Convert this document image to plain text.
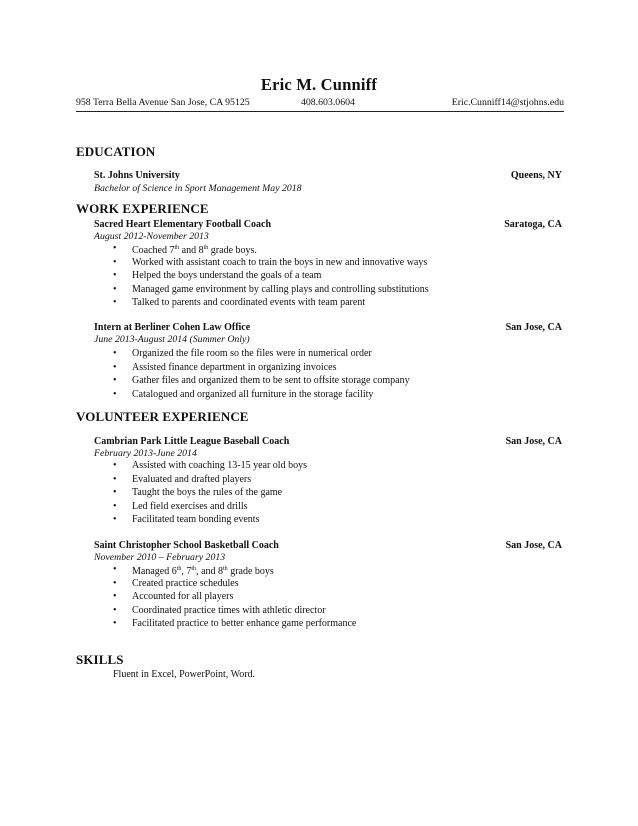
Eric M. Cunniff
958 Terra Bella Avenue San Jose, CA 95125	408.603.0604	Eric.Cunniff14@stjohns.edu
EDUCATION
St. Johns University	Queens, NY
Bachelor of Science in Sport Management May 2018
WORK EXPERIENCE
Sacred Heart Elementary Football Coach	Saratoga, CA
August 2012-November 2013
• Coached 7th and 8th grade boys.
• Worked with assistant coach to train the boys in new and innovative ways
• Helped the boys understand the goals of a team
• Managed game environment by calling plays and controlling substitutions
• Talked to parents and coordinated events with team parent
Intern at Berliner Cohen Law Office	San Jose, CA
June 2013-August 2014 (Summer Only)
• Organized the file room so the files were in numerical order
• Assisted finance department in organizing invoices
• Gather files and organized them to be sent to offsite storage company
• Catalogued and organized all furniture in the storage facility
VOLUNTEER EXPERIENCE
Cambrian Park Little League Baseball Coach	San Jose, CA
February 2013-June 2014
• Assisted with coaching 13-15 year old boys
• Evaluated and drafted players
• Taught the boys the rules of the game
• Led field exercises and drills
• Facilitated team bonding events
Saint Christopher School Basketball Coach	San Jose, CA
November 2010 – February 2013
• Managed 6th, 7th, and 8th grade boys
• Created practice schedules
• Accounted for all players
• Coordinated practice times with athletic director
• Facilitated practice to better enhance game performance
SKILLS
Fluent in Excel, PowerPoint, Word.
